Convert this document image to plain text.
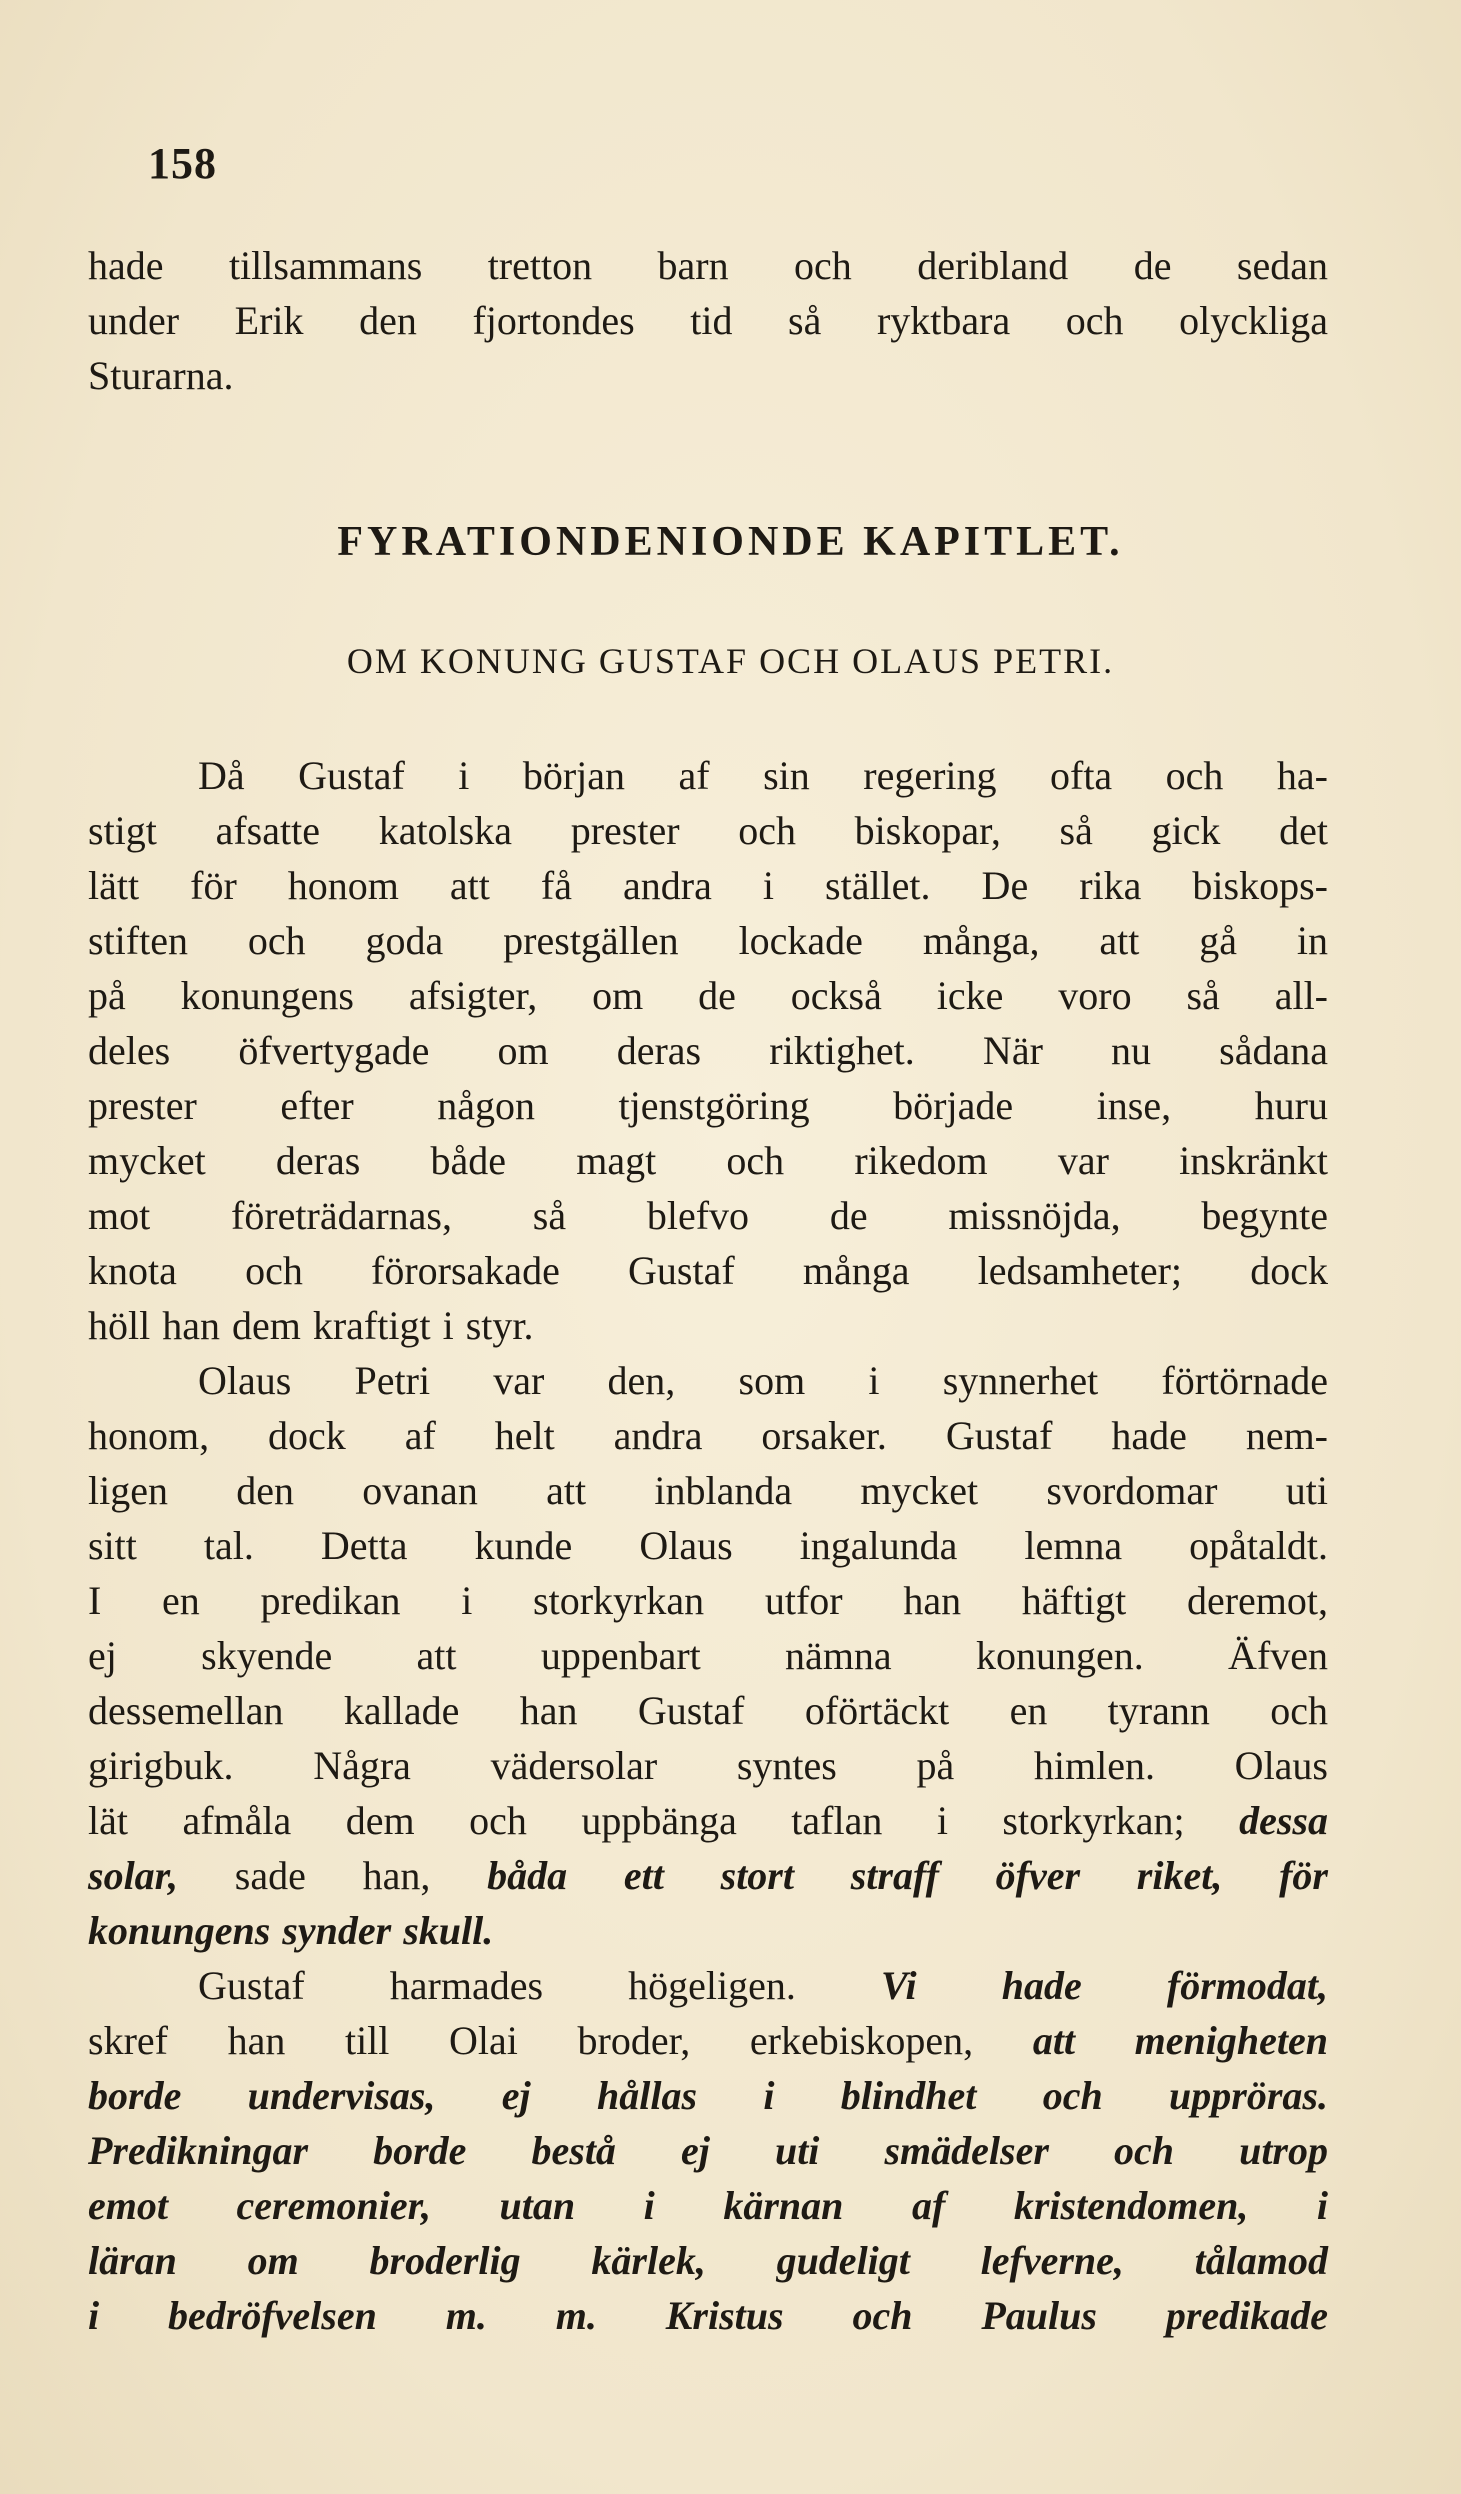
158
hade tillsammans tretton barn och deribland de sedan
under Erik den fjortondes tid så ryktbara och olyckliga
Sturarna.
FYRATIONDENIONDE KAPITLET.
OM KONUNG GUSTAF OCH OLAUS PETRI.
Då Gustaf i början af sin regering ofta och ha-
stigt afsatte katolska prester och biskopar, så gick det
lätt för honom att få andra i stället. De rika biskops-
stiften och goda prestgällen lockade många, att gå in
på konungens afsigter, om de också icke voro så all-
deles öfvertygade om deras riktighet. När nu sådana
prester efter någon tjenstgöring började inse, huru
mycket deras både magt och rikedom var inskränkt
mot företrädarnas, så blefvo de missnöjda, begynte
knota och förorsakade Gustaf många ledsamheter; dock
höll han dem kraftigt i styr.
Olaus Petri var den, som i synnerhet förtörnade
honom, dock af helt andra orsaker. Gustaf hade nem-
ligen den ovanan att inblanda mycket svordomar uti
sitt tal. Detta kunde Olaus ingalunda lemna opåtaldt.
I en predikan i storkyrkan utfor han häftigt deremot,
ej skyende att uppenbart nämna konungen. Äfven
dessemellan kallade han Gustaf oförtäckt en tyrann och
girigbuk. Några vädersolar syntes på himlen. Olaus
lät afmåla dem och uppbänga taflan i storkyrkan; dessa
solar, sade han, båda ett stort straff öfver riket, för
konungens synder skull.
Gustaf harmades högeligen. Vi hade förmodat,
skref han till Olai broder, erkebiskopen, att menigheten
borde undervisas, ej hållas i blindhet och uppröras.
Predikningar borde bestå ej uti smädelser och utrop
emot ceremonier, utan i kärnan af kristendomen, i
läran om broderlig kärlek, gudeligt lefverne, tålamod
i bedröfvelsen m. m. Kristus och Paulus predikade
